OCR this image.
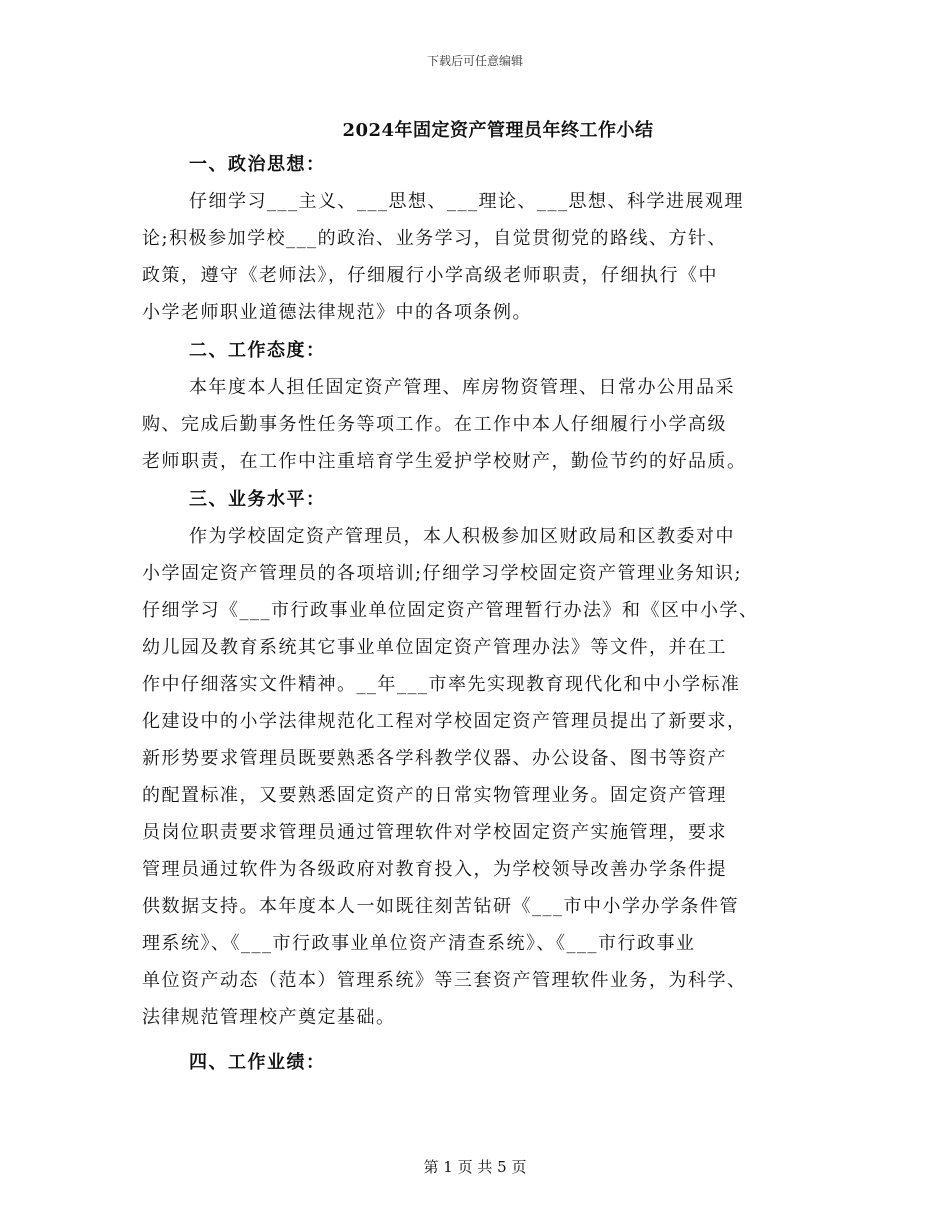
下载后可任意编辑
2024年固定资产管理员年终工作小结
一、政治思想：
仔细学习___主义、___思想、___理论、___思想、科学进展观理
论;积极参加学校___的政治、业务学习，自觉贯彻党的路线、方针、
政策，遵守《老师法》，仔细履行小学高级老师职责，仔细执行《中
小学老师职业道德法律规范》中的各项条例。
二、工作态度：
本年度本人担任固定资产管理、库房物资管理、日常办公用品采
购、完成后勤事务性任务等项工作。在工作中本人仔细履行小学高级
老师职责，在工作中注重培育学生爱护学校财产，勤俭节约的好品质。
三、业务水平：
作为学校固定资产管理员，本人积极参加区财政局和区教委对中
小学固定资产管理员的各项培训;仔细学习学校固定资产管理业务知识;
仔细学习《___市行政事业单位固定资产管理暂行办法》和《区中小学、
幼儿园及教育系统其它事业单位固定资产管理办法》等文件，并在工
作中仔细落实文件精神。__年___市率先实现教育现代化和中小学标准
化建设中的小学法律规范化工程对学校固定资产管理员提出了新要求，
新形势要求管理员既要熟悉各学科教学仪器、办公设备、图书等资产
的配置标准，又要熟悉固定资产的日常实物管理业务。固定资产管理
员岗位职责要求管理员通过管理软件对学校固定资产实施管理，要求
管理员通过软件为各级政府对教育投入，为学校领导改善办学条件提
供数据支持。本年度本人一如既往刻苦钻研《___市中小学办学条件管
理系统》、《___市行政事业单位资产清查系统》、《___市行政事业
单位资产动态（范本）管理系统》等三套资产管理软件业务，为科学、
法律规范管理校产奠定基础。
四、工作业绩：
第 1 页 共 5 页
